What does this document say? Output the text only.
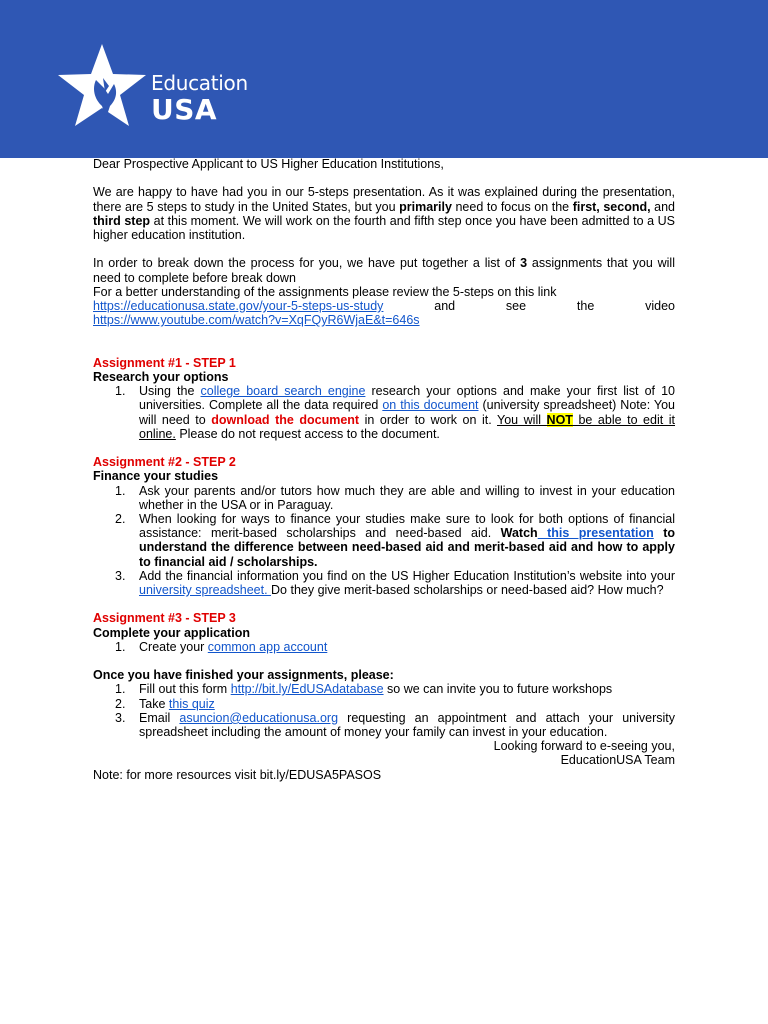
Education
USA
Dear Prospective Applicant to US Higher Education Institutions,
We are happy to have had you in our 5-steps presentation. As it was explained during the presentation, there are 5 steps to study in the United States, but you primarily need to focus on the first, second, and third step at this moment. We will work on the fourth and fifth step once you have been admitted to a US higher education institution.
In order to break down the process for you, we have put together a list of 3 assignments that you will need to complete before break down
For a better understanding of the assignments please review the 5-steps on this link
https://educationusa.state.gov/your-5-steps-us-study	and	see	the	video
https://www.youtube.com/watch?v=XqFQyR6WjaE&t=646s
Assignment #1 - STEP 1
Research your options
1. Using the college board search engine research your options and make your first list of 10 universities. Complete all the data required on this document (university spreadsheet) Note: You will need to download the document in order to work on it. You will NOT be able to edit it online. Please do not request access to the document.
Assignment #2 - STEP 2
Finance your studies
1. Ask your parents and/or tutors how much they are able and willing to invest in your education whether in the USA or in Paraguay.
2. When looking for ways to finance your studies make sure to look for both options of financial assistance: merit-based scholarships and need-based aid. Watch this presentation to understand the difference between need-based aid and merit-based aid and how to apply to financial aid / scholarships.
3. Add the financial information you find on the US Higher Education Institution’s website into your university spreadsheet. Do they give merit-based scholarships or need-based aid? How much?
Assignment #3 - STEP 3
Complete your application
1. Create your common app account
Once you have finished your assignments, please:
1. Fill out this form http://bit.ly/EdUSAdatabase so we can invite you to future workshops
2. Take this quiz
3. Email asuncion@educationusa.org requesting an appointment and attach your university spreadsheet including the amount of money your family can invest in your education.
Looking forward to e-seeing you,
EducationUSA Team
Note: for more resources visit bit.ly/EDUSA5PASOS
